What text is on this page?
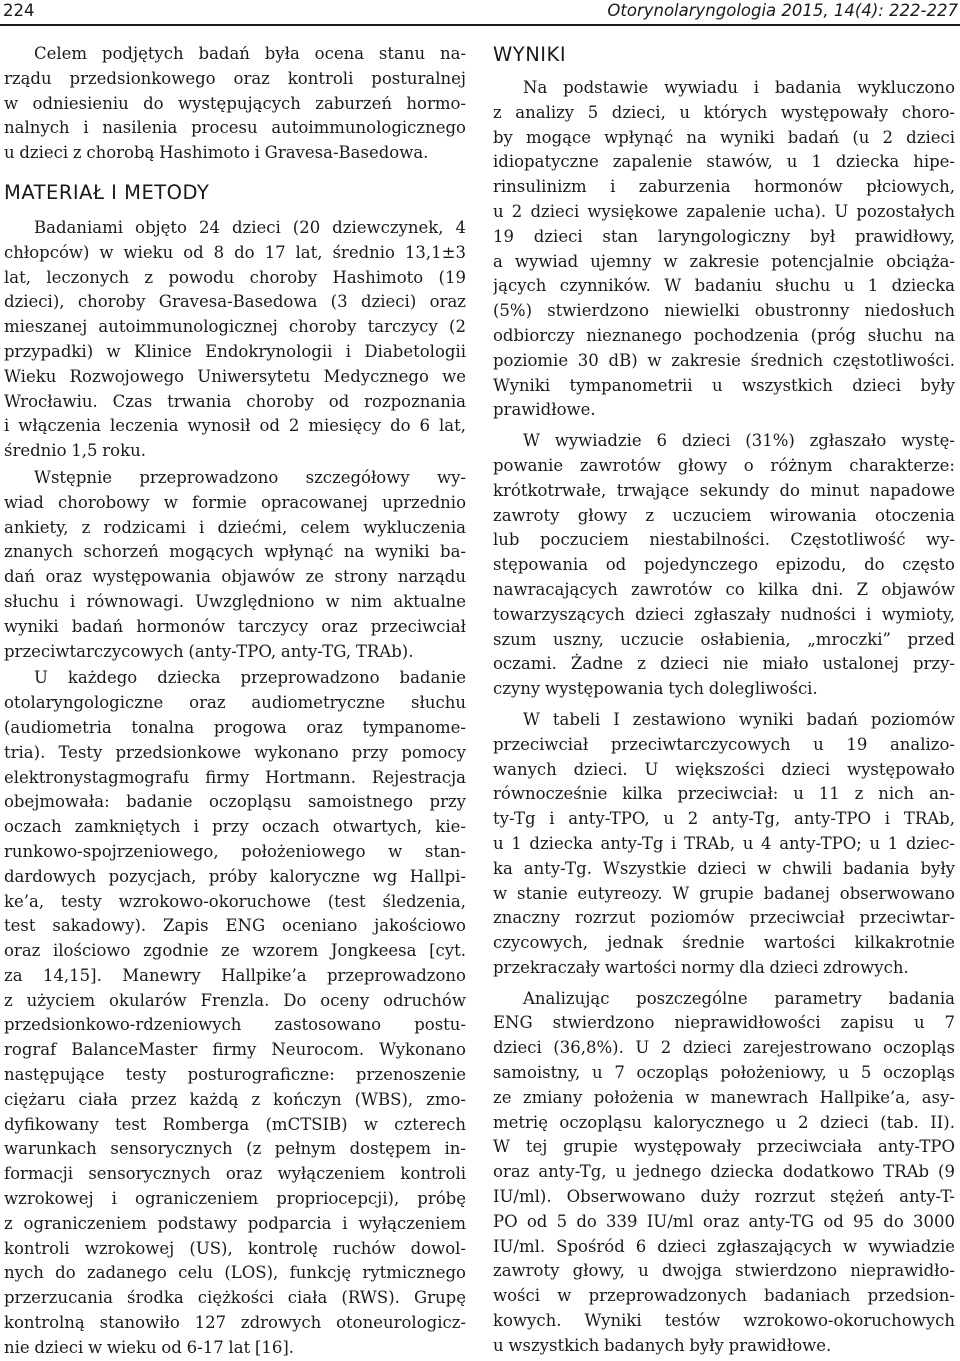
224	Otorynolaryngologia 2015, 14(4): 222-227
Celem podjętych badań była ocena stanu na-
rządu przedsionkowego oraz kontroli posturalnej
w odniesieniu do występujących zaburzeń hormo-
nalnych i nasilenia procesu autoimmunologicznego
u dzieci z chorobą Hashimoto i Gravesa-Basedowa.
MATERIAŁ I METODY
Badaniami objęto 24 dzieci (20 dziewczynek, 4
chłopców) w wieku od 8 do 17 lat, średnio 13,1±3
lat, leczonych z powodu choroby Hashimoto (19
dzieci), choroby Gravesa-Basedowa (3 dzieci) oraz
mieszanej autoimmunologicznej choroby tarczycy (2
przypadki) w Klinice Endokrynologii i Diabetologii
Wieku Rozwojowego Uniwersytetu Medycznego we
Wrocławiu. Czas trwania choroby od rozpoznania
i włączenia leczenia wynosił od 2 miesięcy do 6 lat,
średnio 1,5 roku.
Wstępnie przeprowadzono szczegółowy wy-
wiad chorobowy w formie opracowanej uprzednio
ankiety, z rodzicami i dziećmi, celem wykluczenia
znanych schorzeń mogących wpłynąć na wyniki ba-
dań oraz występowania objawów ze strony narządu
słuchu i równowagi. Uwzględniono w nim aktualne
wyniki badań hormonów tarczycy oraz przeciwciał
przeciwtarczycowych (anty-TPO, anty-TG, TRAb).
U każdego dziecka przeprowadzono badanie
otolaryngologiczne oraz audiometryczne słuchu
(audiometria tonalna progowa oraz tympanome-
tria). Testy przedsionkowe wykonano przy pomocy
elektronystagmografu firmy Hortmann. Rejestracja
obejmowała: badanie oczopląsu samoistnego przy
oczach zamkniętych i przy oczach otwartych, kie-
runkowo-spojrzeniowego, położeniowego w stan-
dardowych pozycjach, próby kaloryczne wg Hallpi-
ke’a, testy wzrokowo-okoruchowe (test śledzenia,
test sakadowy). Zapis ENG oceniano jakościowo
oraz ilościowo zgodnie ze wzorem Jongkeesa [cyt.
za 14,15]. Manewry Hallpike’a przeprowadzono
z użyciem okularów Frenzla. Do oceny odruchów
przedsionkowo-rdzeniowych zastosowano postu-
rograf BalanceMaster firmy Neurocom. Wykonano
następujące testy posturograficzne: przenoszenie
ciężaru ciała przez każdą z kończyn (WBS), zmo-
dyfikowany test Romberga (mCTSIB) w czterech
warunkach sensorycznych (z pełnym dostępem in-
formacji sensorycznych oraz wyłączeniem kontroli
wzrokowej i ograniczeniem propriocepcji), próbę
z ograniczeniem podstawy podparcia i wyłączeniem
kontroli wzrokowej (US), kontrolę ruchów dowol-
nych do zadanego celu (LOS), funkcję rytmicznego
przerzucania środka ciężkości ciała (RWS). Grupę
kontrolną stanowiło 127 zdrowych otoneurologicz-
nie dzieci w wieku od 6-17 lat [16].
WYNIKI
Na podstawie wywiadu i badania wykluczono
z analizy 5 dzieci, u których występowały choro-
by mogące wpłynąć na wyniki badań (u 2 dzieci
idiopatyczne zapalenie stawów, u 1 dziecka hipe-
rinsulinizm i zaburzenia hormonów płciowych,
u 2 dzieci wysiękowe zapalenie ucha). U pozostałych
19 dzieci stan laryngologiczny był prawidłowy,
a wywiad ujemny w zakresie potencjalnie obciąża-
jących czynników. W badaniu słuchu u 1 dziecka
(5%) stwierdzono niewielki obustronny niedosłuch
odbiorczy nieznanego pochodzenia (próg słuchu na
poziomie 30 dB) w zakresie średnich częstotliwości.
Wyniki tympanometrii u wszystkich dzieci były
prawidłowe.
W wywiadzie 6 dzieci (31%) zgłaszało wystę-
powanie zawrotów głowy o różnym charakterze:
krótkotrwałe, trwające sekundy do minut napadowe
zawroty głowy z uczuciem wirowania otoczenia
lub poczuciem niestabilności. Częstotliwość wy-
stępowania od pojedynczego epizodu, do często
nawracających zawrotów co kilka dni. Z objawów
towarzyszących dzieci zgłaszały nudności i wymioty,
szum uszny, uczucie osłabienia, „mroczki” przed
oczami. Żadne z dzieci nie miało ustalonej przy-
czyny występowania tych dolegliwości.
W tabeli I zestawiono wyniki badań poziomów
przeciwciał przeciwtarczycowych u 19 analizo-
wanych dzieci. U większości dzieci występowało
równocześnie kilka przeciwciał: u 11 z nich an-
ty-Tg i anty-TPO, u 2 anty-Tg, anty-TPO i TRAb,
u 1 dziecka anty-Tg i TRAb, u 4 anty-TPO; u 1 dziec-
ka anty-Tg. Wszystkie dzieci w chwili badania były
w stanie eutyreozy. W grupie badanej obserwowano
znaczny rozrzut poziomów przeciwciał przeciwtar-
czycowych, jednak średnie wartości kilkakrotnie
przekraczały wartości normy dla dzieci zdrowych.
Analizując poszczególne parametry badania
ENG stwierdzono nieprawidłowości zapisu u 7
dzieci (36,8%). U 2 dzieci zarejestrowano oczopląs
samoistny, u 7 oczopląs położeniowy, u 5 oczopląs
ze zmiany położenia w manewrach Hallpike’a, asy-
metrię oczopląsu kalorycznego u 2 dzieci (tab. II).
W tej grupie występowały przeciwciała anty-TPO
oraz anty-Tg, u jednego dziecka dodatkowo TRAb (9
IU/ml). Obserwowano duży rozrzut stężeń anty-T-
PO od 5 do 339 IU/ml oraz anty-TG od 95 do 3000
IU/ml. Spośród 6 dzieci zgłaszających w wywiadzie
zawroty głowy, u dwojga stwierdzono nieprawidło-
wości w przeprowadzonych badaniach przedsion-
kowych. Wyniki testów wzrokowo-okoruchowych
u wszystkich badanych były prawidłowe.
